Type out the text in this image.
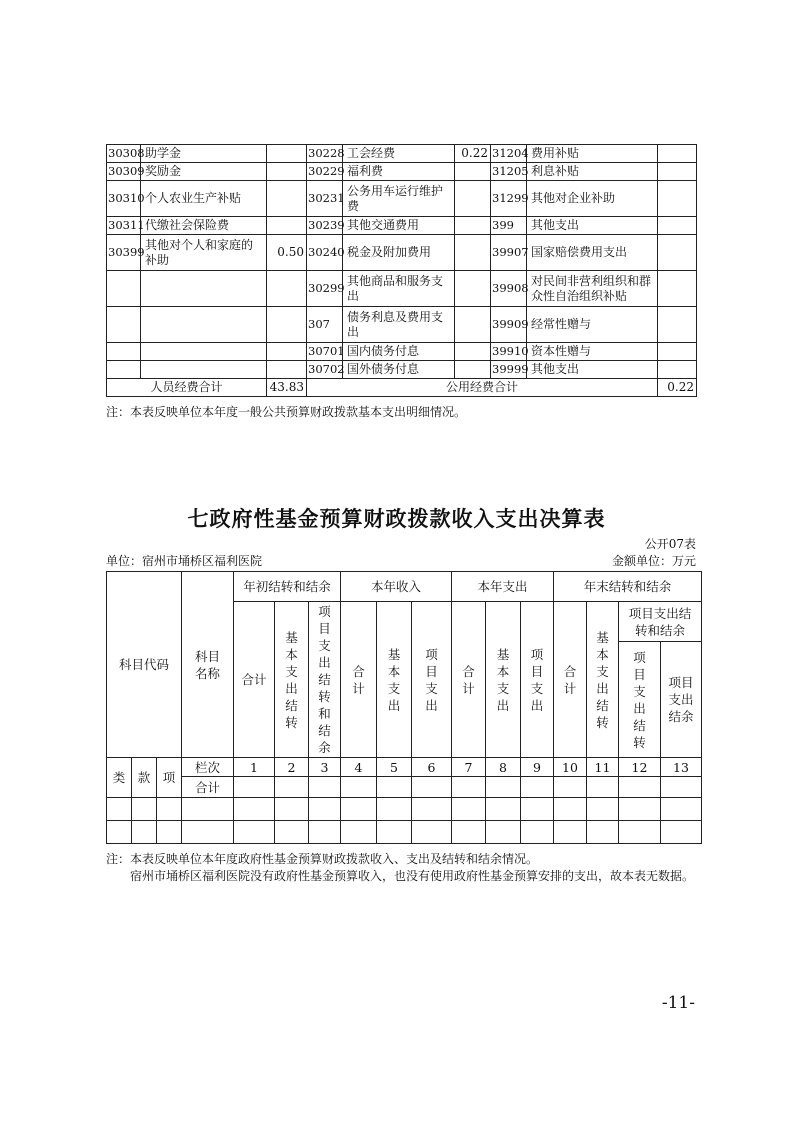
30308	助学金		30228	工会经费	0.22	31204	费用补贴	
30309	奖励金		30229	福利费		31205	利息补贴	
30310	个人农业生产补贴		30231	公务用车运行维护费		31299	其他对企业补助	
30311	代缴社会保险费		30239	其他交通费用		399	其他支出	
30399	其他对个人和家庭的补助	0.50	30240	税金及附加费用		39907	国家赔偿费用支出	
			30299	其他商品和服务支出		39908	对民间非营利组织和群众性自治组织补贴	
			307	债务利息及费用支出		39909	经常性赠与	
			30701	国内债务付息		39910	资本性赠与	
			30702	国外债务付息		39999	其他支出	
人员经费合计		43.83	公用经费合计					0.22
注：本表反映单位本年度一般公共预算财政拨款基本支出明细情况。
七政府性基金预算财政拨款收入支出决算表
公开07表
单位：宿州市埇桥区福利医院	金额单位：万元
科目代码			科目名称	年初结转和结余			本年收入			本年支出			年末结转和结余			
				合计	基本支出结转	项目支出结转和结余	合计	基本支出	项目支出	合计	基本支出	项目支出	合计	基本支出结转	项目支出结转和结余	
															项目支出结转	项目支出结余
类	款	项	栏次	1	2	3	4	5	6	7	8	9	10	11	12	13
			合计													

注：本表反映单位本年度政府性基金预算财政拨款收入、支出及结转和结余情况。
宿州市埇桥区福利医院没有政府性基金预算收入，也没有使用政府性基金预算安排的支出，故本表无数据。
-11-
